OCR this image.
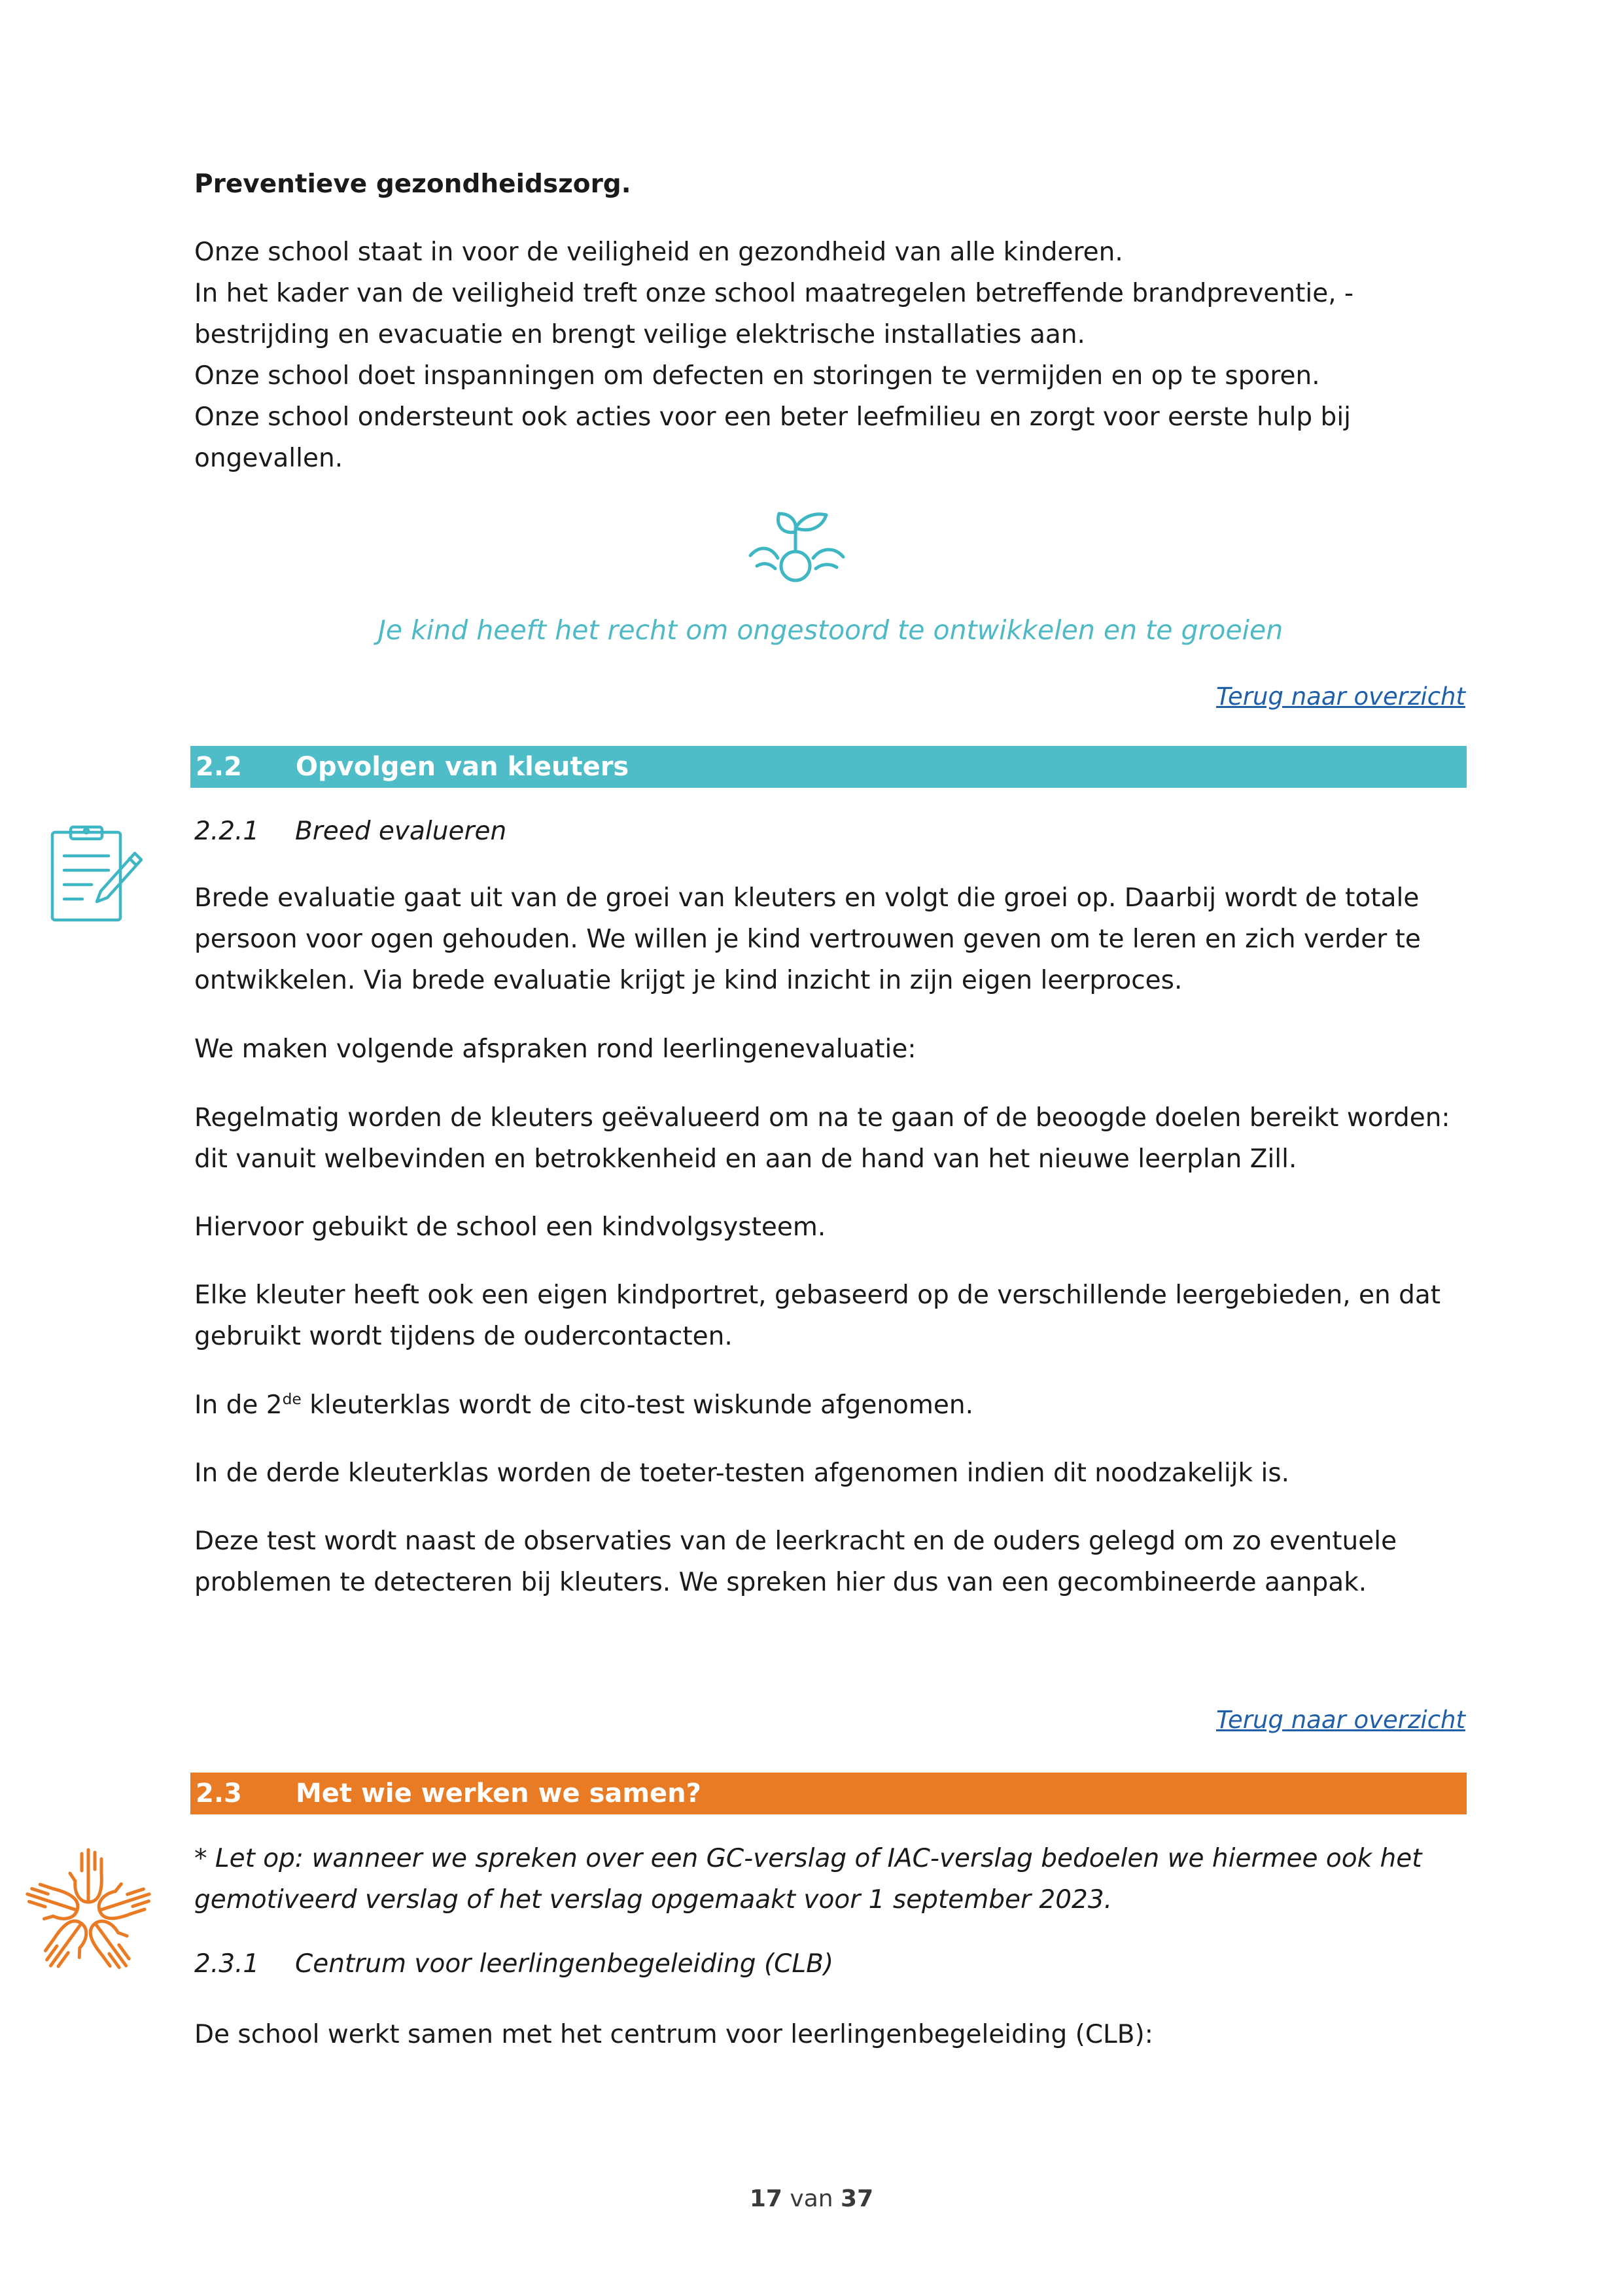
Preventieve gezondheidszorg.
Onze school staat in voor de veiligheid en gezondheid van alle kinderen.
In het kader van de veiligheid treft onze school maatregelen betreffende brandpreventie, -bestrijding en evacuatie en brengt veilige elektrische installaties aan.
Onze school doet inspanningen om defecten en storingen te vermijden en op te sporen.
Onze school ondersteunt ook acties voor een beter leefmilieu en zorgt voor eerste hulp bij ongevallen.
Je kind heeft het recht om ongestoord te ontwikkelen en te groeien
Terug naar overzicht
2.2 Opvolgen van kleuters
2.2.1 Breed evalueren
Brede evaluatie gaat uit van de groei van kleuters en volgt die groei op. Daarbij wordt de totale persoon voor ogen gehouden. We willen je kind vertrouwen geven om te leren en zich verder te ontwikkelen. Via brede evaluatie krijgt je kind inzicht in zijn eigen leerproces.
We maken volgende afspraken rond leerlingenevaluatie:
Regelmatig worden de kleuters geëvalueerd om na te gaan of de beoogde doelen bereikt worden: dit vanuit welbevinden en betrokkenheid en aan de hand van het nieuwe leerplan Zill.
Hiervoor gebuikt de school een kindvolgsysteem.
Elke kleuter heeft ook een eigen kindportret, gebaseerd op de verschillende leergebieden, en dat gebruikt wordt tijdens de oudercontacten.
In de 2de kleuterklas wordt de cito-test wiskunde afgenomen.
In de derde kleuterklas worden de toeter-testen afgenomen indien dit noodzakelijk is.
Deze test wordt naast de observaties van de leerkracht en de ouders gelegd om zo eventuele problemen te detecteren bij kleuters. We spreken hier dus van een gecombineerde aanpak.
Terug naar overzicht
2.3 Met wie werken we samen?
* Let op: wanneer we spreken over een GC-verslag of IAC-verslag bedoelen we hiermee ook het gemotiveerd verslag of het verslag opgemaakt voor 1 september 2023.
2.3.1 Centrum voor leerlingenbegeleiding (CLB)
De school werkt samen met het centrum voor leerlingenbegeleiding (CLB):
17 van 37
